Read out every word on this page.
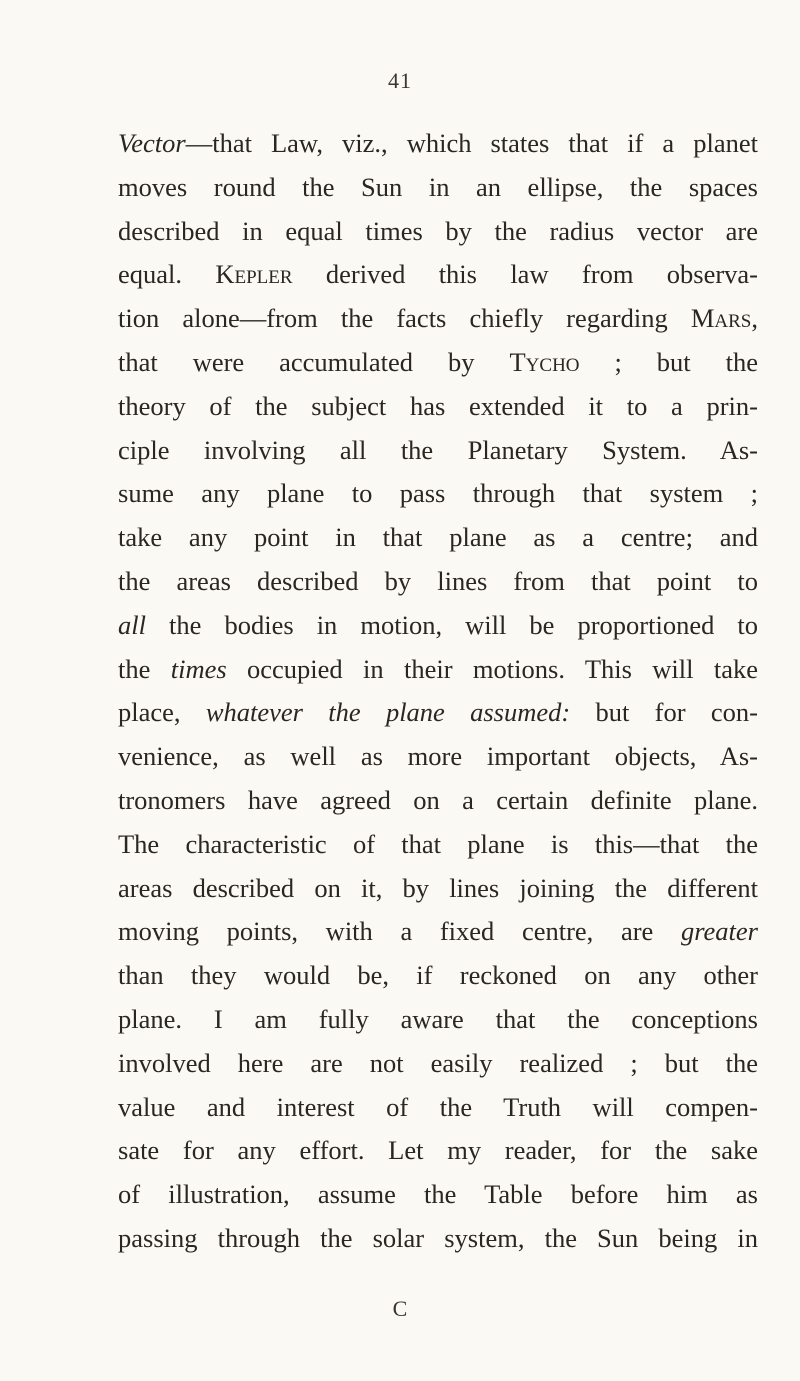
41
Vector—that Law, viz., which states that if a planet
moves round the Sun in an ellipse, the spaces
described in equal times by the radius vector are
equal. Kepler derived this law from observa-
tion alone—from the facts chiefly regarding Mars,
that were accumulated by Tycho ; but the
theory of the subject has extended it to a prin-
ciple involving all the Planetary System. As-
sume any plane to pass through that system ;
take any point in that plane as a centre; and
the areas described by lines from that point to
all the bodies in motion, will be proportioned to
the times occupied in their motions. This will take
place, whatever the plane assumed: but for con-
venience, as well as more important objects, As-
tronomers have agreed on a certain definite plane.
The characteristic of that plane is this—that the
areas described on it, by lines joining the different
moving points, with a fixed centre, are greater
than they would be, if reckoned on any other
plane. I am fully aware that the conceptions
involved here are not easily realized ; but the
value and interest of the Truth will compen-
sate for any effort. Let my reader, for the sake
of illustration, assume the Table before him as
passing through the solar system, the Sun being in
C
